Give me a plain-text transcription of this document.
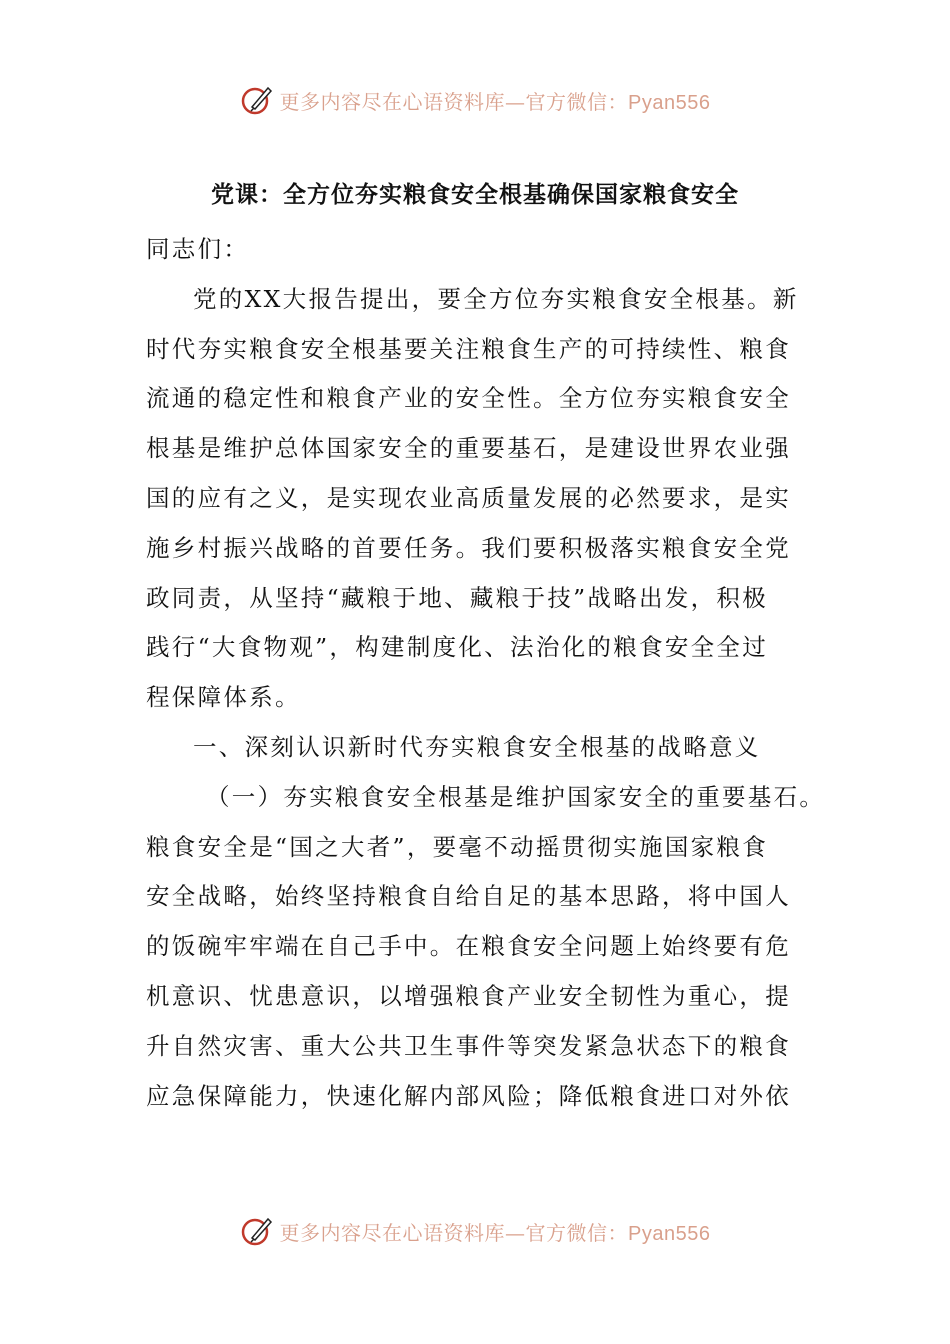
更多内容尽在心语资料库—官方微信：Pyan556
党课：全方位夯实粮食安全根基确保国家粮食安全
同志们：
党的XX大报告提出，要全方位夯实粮食安全根基。新
时代夯实粮食安全根基要关注粮食生产的可持续性、粮食
流通的稳定性和粮食产业的安全性。全方位夯实粮食安全
根基是维护总体国家安全的重要基石，是建设世界农业强
国的应有之义，是实现农业高质量发展的必然要求，是实
施乡村振兴战略的首要任务。我们要积极落实粮食安全党
政同责，从坚持“藏粮于地、藏粮于技”战略出发，积极
践行“大食物观”，构建制度化、法治化的粮食安全全过
程保障体系。
一、深刻认识新时代夯实粮食安全根基的战略意义
（一）夯实粮食安全根基是维护国家安全的重要基石。
粮食安全是“国之大者”，要毫不动摇贯彻实施国家粮食
安全战略，始终坚持粮食自给自足的基本思路，将中国人
的饭碗牢牢端在自己手中。在粮食安全问题上始终要有危
机意识、忧患意识，以增强粮食产业安全韧性为重心，提
升自然灾害、重大公共卫生事件等突发紧急状态下的粮食
应急保障能力，快速化解内部风险；降低粮食进口对外依
更多内容尽在心语资料库—官方微信：Pyan556
